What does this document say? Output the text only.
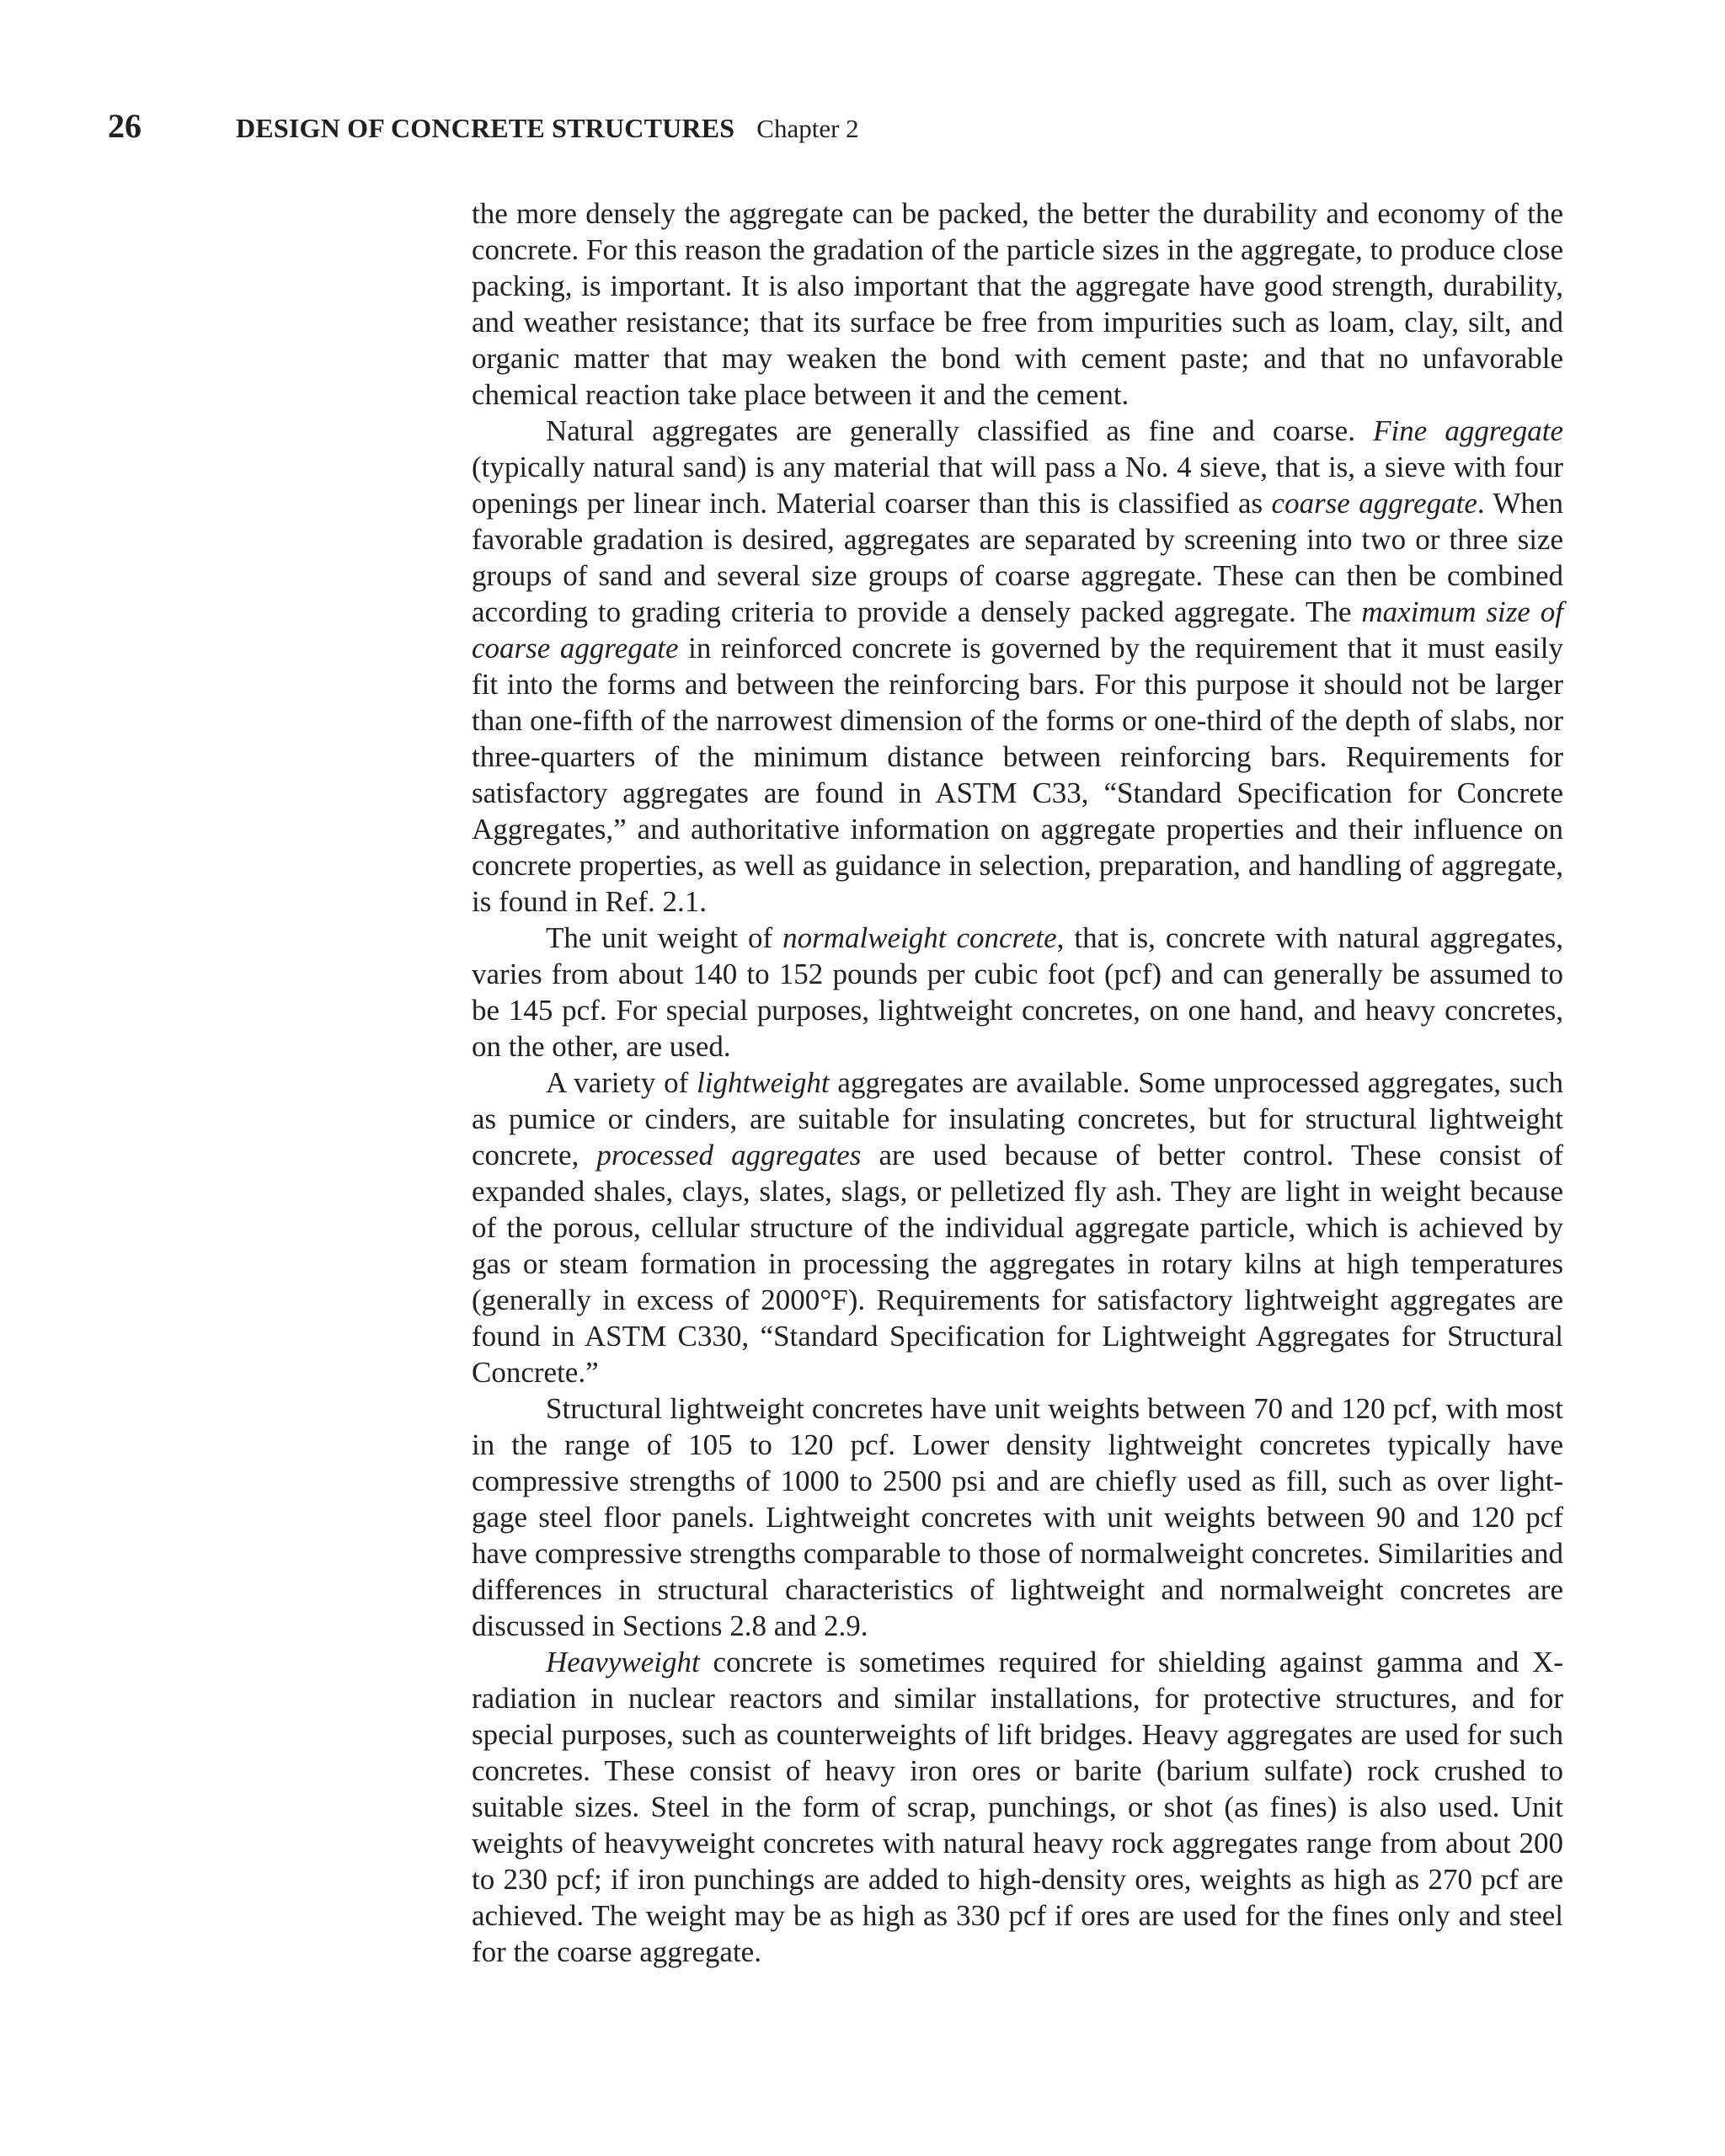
26	DESIGN OF CONCRETE STRUCTURES Chapter 2

the more densely the aggregate can be packed, the better the durability and economy of the concrete. For this reason the gradation of the particle sizes in the aggregate, to produce close packing, is important. It is also important that the aggregate have good strength, durability, and weather resistance; that its surface be free from impurities such as loam, clay, silt, and organic matter that may weaken the bond with cement paste; and that no unfavorable chemical reaction take place between it and the cement.

Natural aggregates are generally classified as fine and coarse. Fine aggregate (typically natural sand) is any material that will pass a No. 4 sieve, that is, a sieve with four openings per linear inch. Material coarser than this is classified as coarse aggregate. When favorable gradation is desired, aggregates are separated by screening into two or three size groups of sand and several size groups of coarse aggregate. These can then be combined according to grading criteria to provide a densely packed aggregate. The maximum size of coarse aggregate in reinforced concrete is governed by the requirement that it must easily fit into the forms and between the reinforcing bars. For this purpose it should not be larger than one-fifth of the narrowest dimension of the forms or one-third of the depth of slabs, nor three-quarters of the minimum distance between reinforcing bars. Requirements for satisfactory aggregates are found in ASTM C33, “Standard Specification for Concrete Aggregates,” and authoritative information on aggregate properties and their influence on concrete properties, as well as guidance in selection, preparation, and handling of aggregate, is found in Ref. 2.1.

The unit weight of normalweight concrete, that is, concrete with natural aggregates, varies from about 140 to 152 pounds per cubic foot (pcf) and can generally be assumed to be 145 pcf. For special purposes, lightweight concretes, on one hand, and heavy concretes, on the other, are used.

A variety of lightweight aggregates are available. Some unprocessed aggregates, such as pumice or cinders, are suitable for insulating concretes, but for structural lightweight concrete, processed aggregates are used because of better control. These consist of expanded shales, clays, slates, slags, or pelletized fly ash. They are light in weight because of the porous, cellular structure of the individual aggregate particle, which is achieved by gas or steam formation in processing the aggregates in rotary kilns at high temperatures (generally in excess of 2000°F). Requirements for satisfactory lightweight aggregates are found in ASTM C330, “Standard Specification for Lightweight Aggregates for Structural Concrete.”

Structural lightweight concretes have unit weights between 70 and 120 pcf, with most in the range of 105 to 120 pcf. Lower density lightweight concretes typically have compressive strengths of 1000 to 2500 psi and are chiefly used as fill, such as over light-gage steel floor panels. Lightweight concretes with unit weights between 90 and 120 pcf have compressive strengths comparable to those of normalweight concretes. Similarities and differences in structural characteristics of lightweight and normalweight concretes are discussed in Sections 2.8 and 2.9.

Heavyweight concrete is sometimes required for shielding against gamma and X-radiation in nuclear reactors and similar installations, for protective structures, and for special purposes, such as counterweights of lift bridges. Heavy aggregates are used for such concretes. These consist of heavy iron ores or barite (barium sulfate) rock crushed to suitable sizes. Steel in the form of scrap, punchings, or shot (as fines) is also used. Unit weights of heavyweight concretes with natural heavy rock aggregates range from about 200 to 230 pcf; if iron punchings are added to high-density ores, weights as high as 270 pcf are achieved. The weight may be as high as 330 pcf if ores are used for the fines only and steel for the coarse aggregate.
